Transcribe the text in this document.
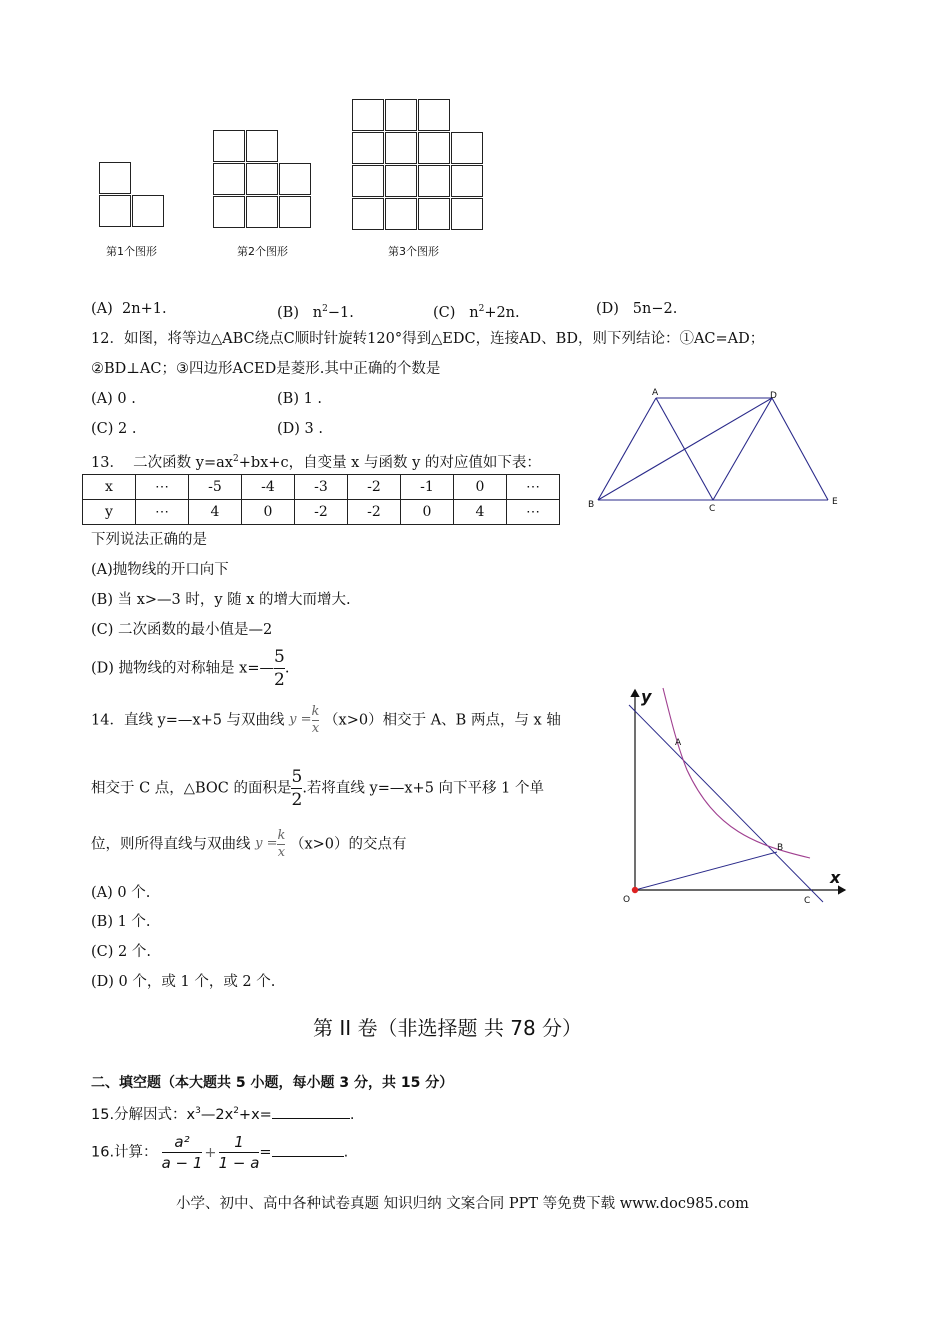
第1个图形	第2个图形	第3个图形
(A)  2n+1.	(B)   $n^2-1$.	(C)   $n^2+2n$.	(D)   5n−2.
12．如图，将等边△ABC绕点C顺时针旋转120°得到△EDC，连接AD、BD，则下列结论：①AC=AD；
②BD⊥AC；③四边形ACED是菱形.其中正确的个数是
(A) 0 .	(B) 1 .
(C) 2 .	(D) 3 .
A	D
B	C
E
13．  二次函数 $y=ax^2+bx+c$，自变量 x 与函数 y 的对应值如下表：
x	⋯	-5	-4	-3	-2	-1	0	⋯
y	⋯	4	0	-2	-2	0	4	⋯
下列说法正确的是
(A)抛物线的开口向下
(B) 当 x>—3 时，y 随 x 的增大而增大.
(C) 二次函数的最小值是—2
(D) 抛物线的对称轴是 x=— $\frac{5}{2}$ .
14．直线 y=—x+5 与双曲线 $y = \frac{k}{x} (x>0)$相交于 A、B 两点，与 x 轴
相交于 C 点，△BOC 的面积是 $\frac{5}{2}$ .若将直线 y=—x+5 向下平移 1 个单
位，则所得直线与双曲线 $y = \frac{k}{x} (x>0)$的交点有
(A) 0 个.
(B) 1 个.
(C) 2 个.
(D) 0 个，或 1 个，或 2 个.
y
x
A
B
O	C
第 II 卷（非选择题 共 78 分）
二、填空题（本大题共 5 小题，每小题 3 分，共 15 分）
15.分解因式：$x^3—2x^2+x=$	.
16.计算： $\frac{\text{a²}}{a - 1} + \frac{1}{1 - a}$ =	.
小学、初中、高中各种试卷真题 知识归纳 文案合同 PPT 等免费下载 www.doc985.com
